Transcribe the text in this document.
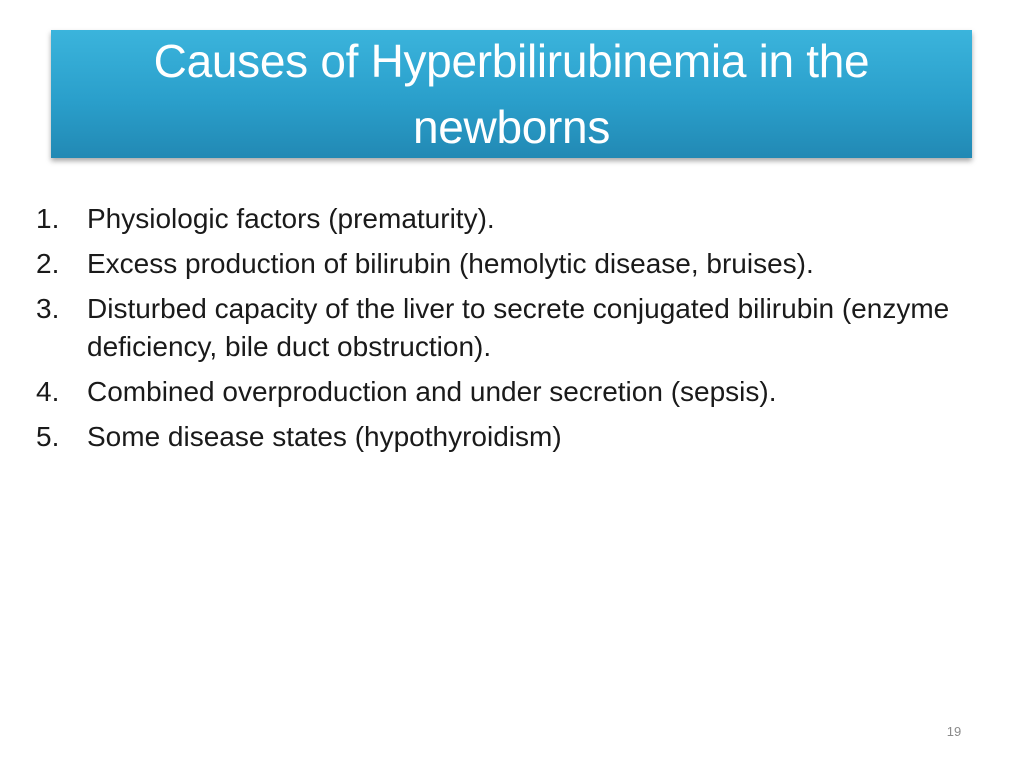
Causes of Hyperbilirubinemia in the newborns
1. Physiologic factors (prematurity).
2. Excess production of bilirubin (hemolytic disease, bruises).
3. Disturbed capacity of the liver to secrete conjugated bilirubin (enzyme deficiency, bile duct obstruction).
4. Combined overproduction and under secretion (sepsis).
5. Some disease states (hypothyroidism)
19
